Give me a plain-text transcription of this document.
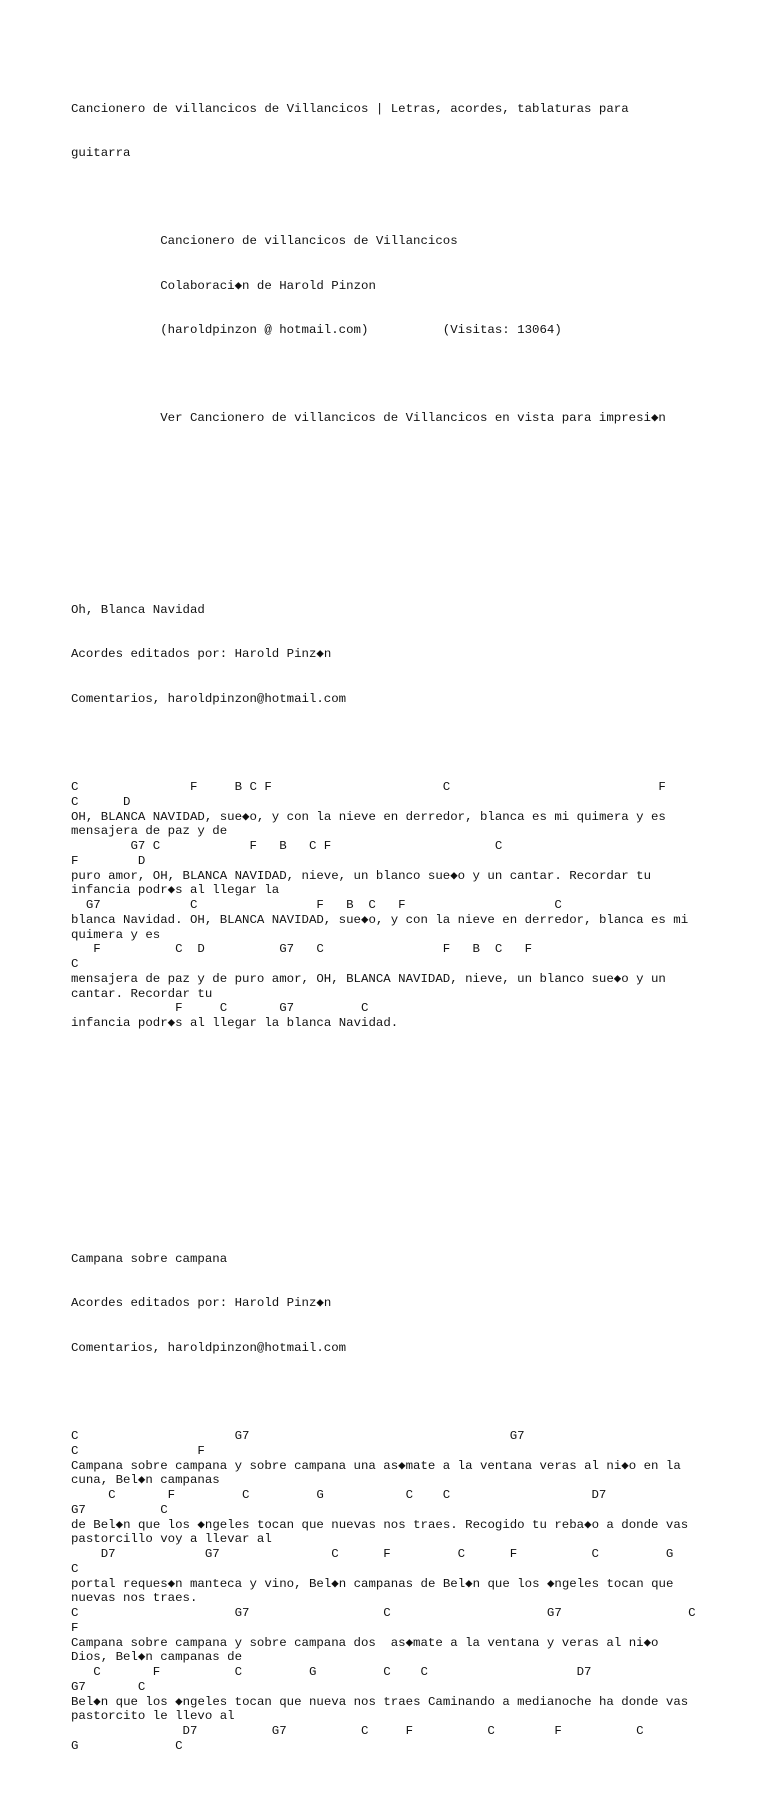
Cancionero de villancicos de Villancicos | Letras, acordes, tablaturas para

guitarra

Cancionero de villancicos de Villancicos

Colaboraci◆n de Harold Pinzon

(haroldpinzon @ hotmail.com)          (Visitas: 13064)

Ver Cancionero de villancicos de Villancicos en vista para impresi◆n

Oh, Blanca Navidad

Acordes editados por: Harold Pinz◆n

Comentarios, haroldpinzon@hotmail.com

C               F     B C F                       C                            F
C      D
OH, BLANCA NAVIDAD, sue◆o, y con la nieve en derredor, blanca es mi quimera y es
mensajera de paz y de
G7 C            F   B   C F                      C
F        D
puro amor, OH, BLANCA NAVIDAD, nieve, un blanco sue◆o y un cantar. Recordar tu
infancia podr◆s al llegar la
G7            C                F   B  C   F                    C
blanca Navidad. OH, BLANCA NAVIDAD, sue◆o, y con la nieve en derredor, blanca es mi
quimera y es
F          C  D          G7   C                F   B  C   F
C
mensajera de paz y de puro amor, OH, BLANCA NAVIDAD, nieve, un blanco sue◆o y un
cantar. Recordar tu
F     C       G7         C
infancia podr◆s al llegar la blanca Navidad.

Campana sobre campana

Acordes editados por: Harold Pinz◆n

Comentarios, haroldpinzon@hotmail.com

C                     G7                                   G7
C                F
Campana sobre campana y sobre campana una as◆mate a la ventana veras al ni◆o en la
cuna, Bel◆n campanas
C       F         C         G           C    C                   D7
G7          C
de Bel◆n que los ◆ngeles tocan que nuevas nos traes. Recogido tu reba◆o a donde vas
pastorcillo voy a llevar al
D7            G7               C      F         C      F          C         G
C
portal reques◆n manteca y vino, Bel◆n campanas de Bel◆n que los ◆ngeles tocan que
nuevas nos traes.
C                     G7                  C                     G7                 C
F
Campana sobre campana y sobre campana dos  as◆mate a la ventana y veras al ni◆o
Dios, Bel◆n campanas de
C       F          C         G         C    C                    D7
G7       C
Bel◆n que los ◆ngeles tocan que nueva nos traes Caminando a medianoche ha donde vas
pastorcito le llevo al
D7          G7          C     F          C        F          C
G             C
